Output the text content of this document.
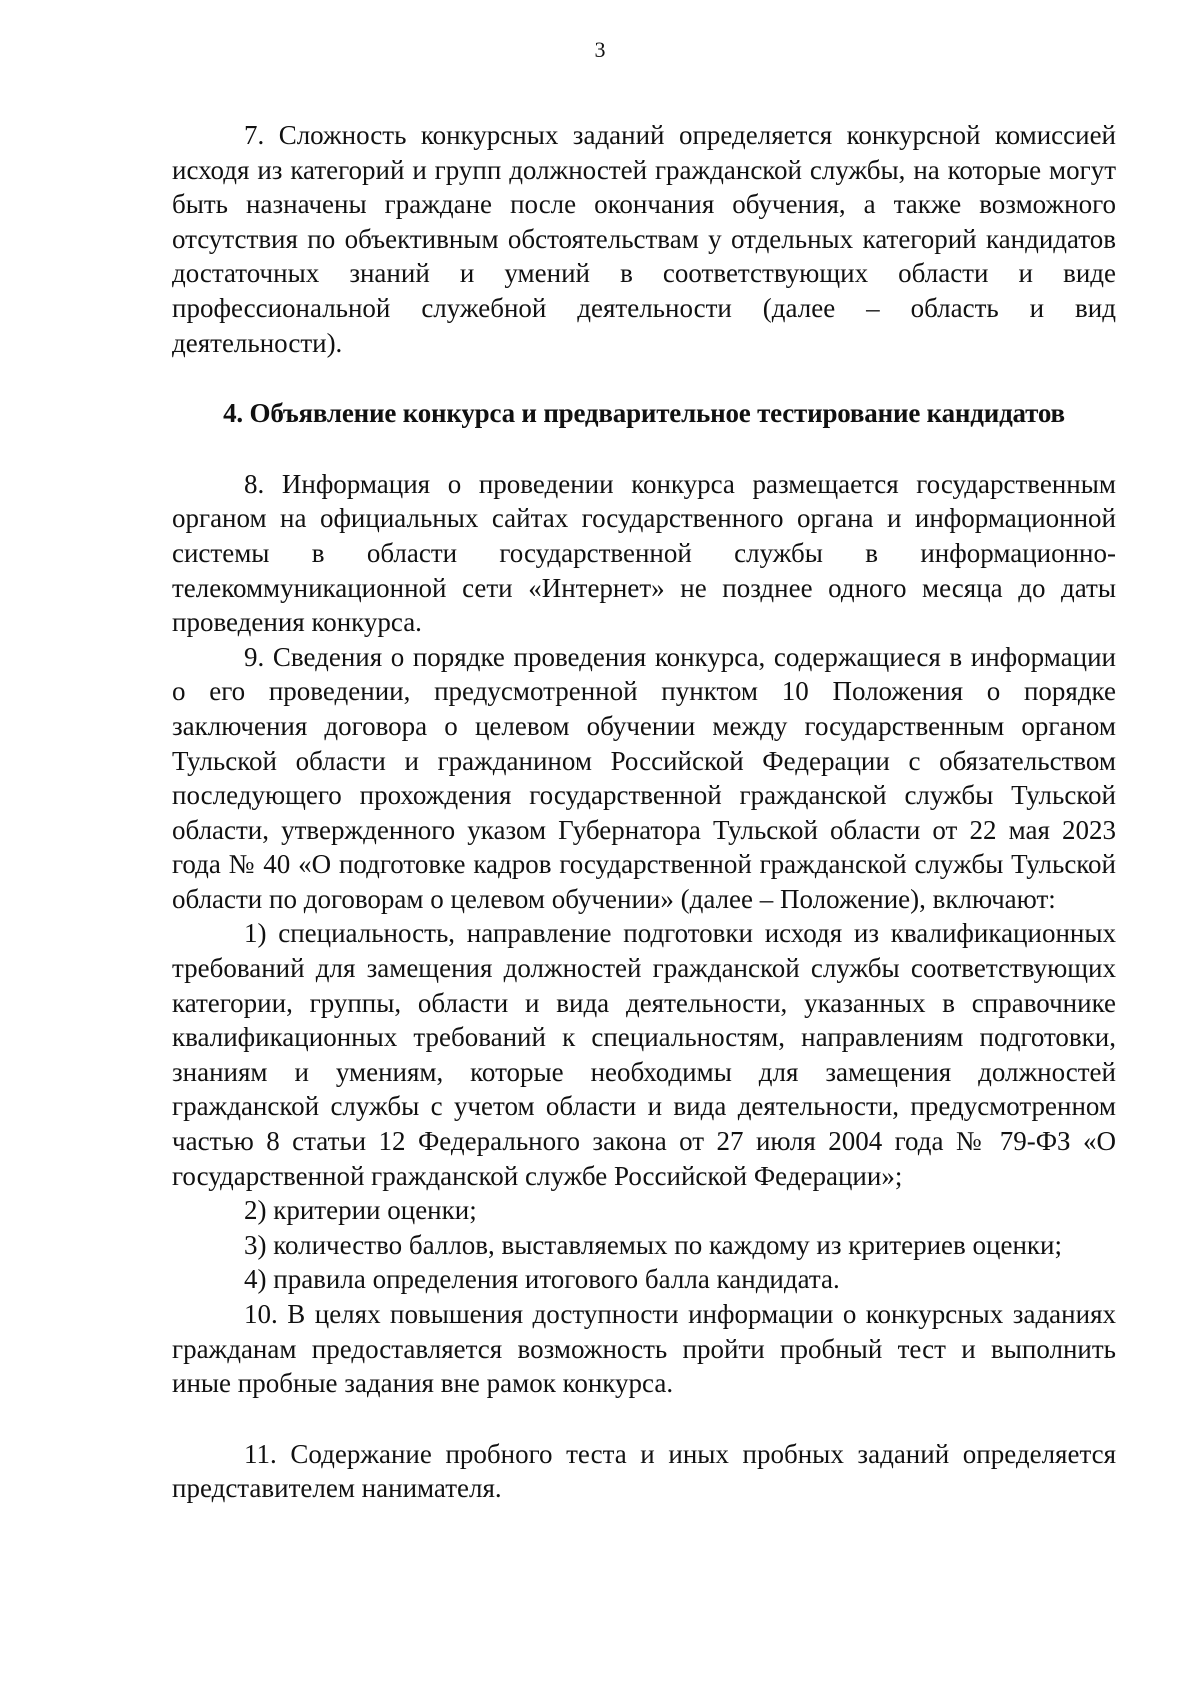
3

7. Сложность конкурсных заданий определяется конкурсной комиссией исходя из категорий и групп должностей гражданской службы, на которые могут быть назначены граждане после окончания обучения, а также возможного отсутствия по объективным обстоятельствам у отдельных категорий кандидатов достаточных знаний и умений в соответствующих области и виде профессиональной служебной деятельности (далее – область и вид деятельности).

4. Объявление конкурса и предварительное тестирование кандидатов

8. Информация о проведении конкурса размещается государственным органом на официальных сайтах государственного органа и информационной системы в области государственной службы в информационно-телекоммуникационной сети «Интернет» не позднее одного месяца до даты проведения конкурса.

9. Сведения о порядке проведения конкурса, содержащиеся в информации о его проведении, предусмотренной пунктом 10 Положения о порядке заключения договора о целевом обучении между государственным органом Тульской области и гражданином Российской Федерации с обязательством последующего прохождения государственной гражданской службы Тульской области, утвержденного указом Губернатора Тульской области от 22 мая 2023 года № 40 «О подготовке кадров государственной гражданской службы Тульской области по договорам о целевом обучении» (далее – Положение), включают:

1) специальность, направление подготовки исходя из квалификационных требований для замещения должностей гражданской службы соответствующих категории, группы, области и вида деятельности, указанных в справочнике квалификационных требований к специальностям, направлениям подготовки, знаниям и умениям, которые необходимы для замещения должностей гражданской службы с учетом области и вида деятельности, предусмотренном частью 8 статьи 12 Федерального закона от 27 июля 2004 года № 79-ФЗ «О государственной гражданской службе Российской Федерации»;

2) критерии оценки;

3) количество баллов, выставляемых по каждому из критериев оценки;

4) правила определения итогового балла кандидата.

10. В целях повышения доступности информации о конкурсных заданиях гражданам предоставляется возможность пройти пробный тест и выполнить иные пробные задания вне рамок конкурса.

11. Содержание пробного теста и иных пробных заданий определяется представителем нанимателя.
